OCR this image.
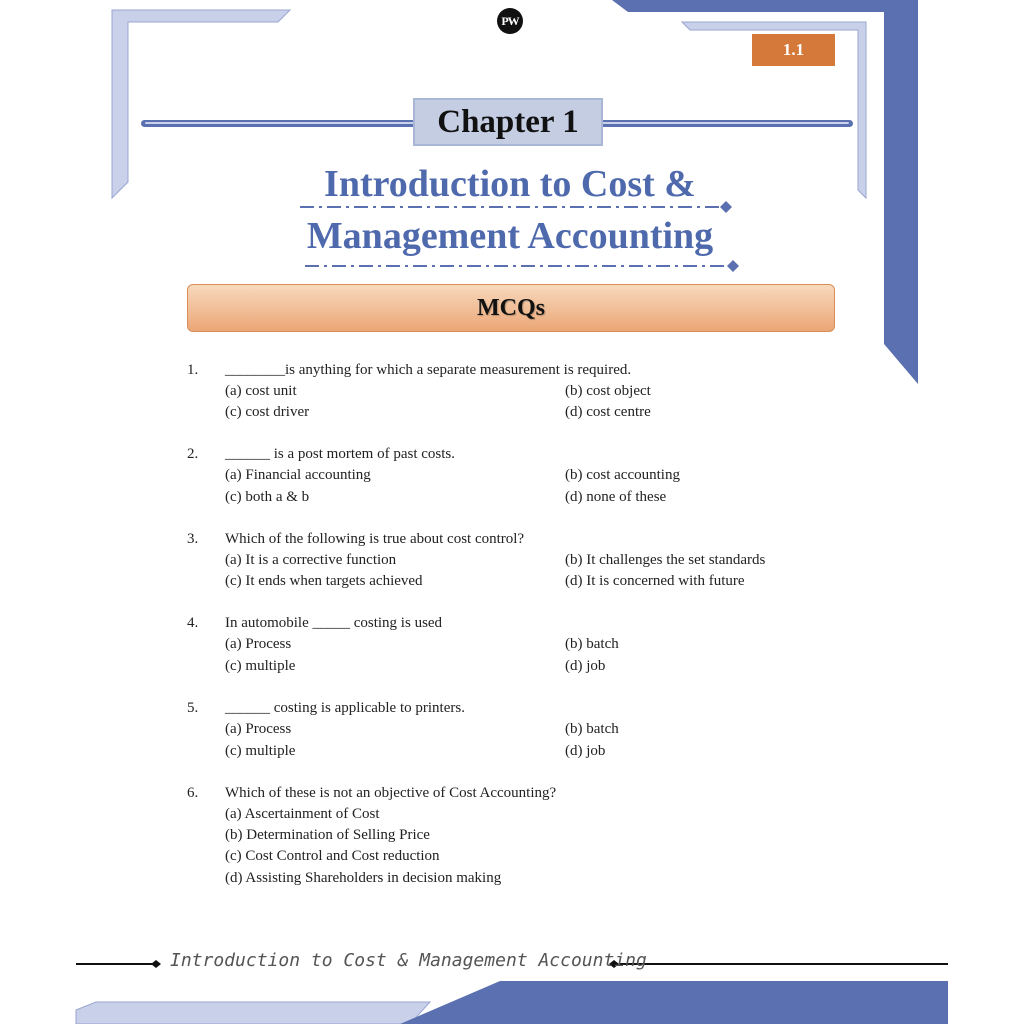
PW
1.1
Chapter 1
Introduction to Cost &
Management Accounting
MCQs
1. ________is anything for which a separate measurement is required.
(a) cost unit	(b) cost object
(c) cost driver	(d) cost centre
2. ______ is a post mortem of past costs.
(a) Financial accounting	(b) cost accounting
(c) both a & b	(d) none of these
3. Which of the following is true about cost control?
(a) It is a corrective function	(b) It challenges the set standards
(c) It ends when targets achieved	(d) It is concerned with future
4. In automobile _____ costing is used
(a) Process	(b) batch
(c) multiple	(d) job
5. ______ costing is applicable to printers.
(a) Process	(b) batch
(c) multiple	(d) job
6. Which of these is not an objective of Cost Accounting?
(a) Ascertainment of Cost
(b) Determination of Selling Price
(c) Cost Control and Cost reduction
(d) Assisting Shareholders in decision making
Introduction to Cost & Management Accounting
